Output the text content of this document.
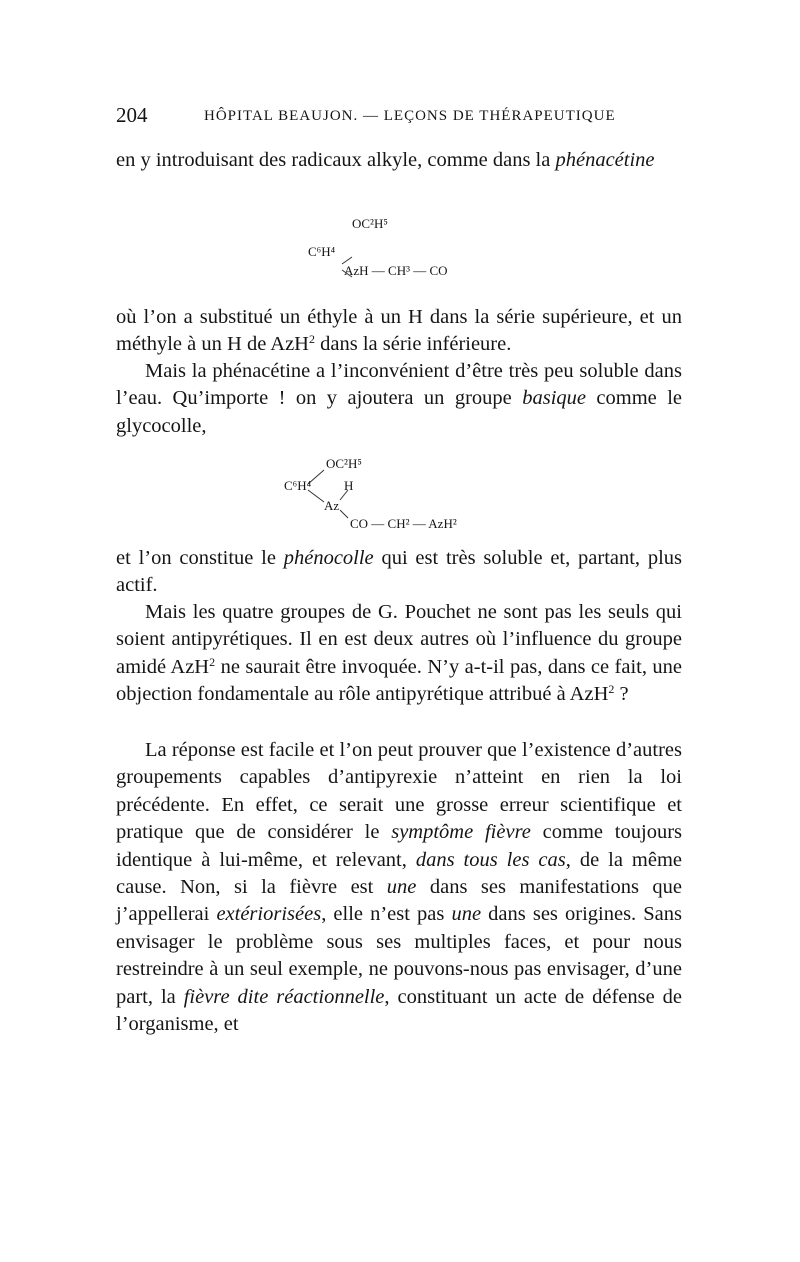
204	HÔPITAL BEAUJON. — LEÇONS DE THÉRAPEUTIQUE

en y introduisant des radicaux alkyle, comme dans la phénacétine

OC²H⁵
C⁶H⁴
AzH — CH³ — CO

où l’on a substitué un éthyle à un H dans la série supérieure, et un méthyle à un H de AzH$^2$ dans la série inférieure.

Mais la phénacétine a l’inconvénient d’être très peu soluble dans l’eau. Qu’importe ! on y ajoutera un groupe basique comme le glycocolle,

OC²H⁵
C⁶H⁴	H
Az
CO — CH² — AzH²

et l’on constitue le phénocolle qui est très soluble et, partant, plus actif.

Mais les quatre groupes de G. Pouchet ne sont pas les seuls qui soient antipyrétiques. Il en est deux autres où l’influence du groupe amidé AzH$^2$ ne saurait être invoquée. N’y a-t-il pas, dans ce fait, une objection fondamentale au rôle antipyrétique attribué à AzH$^2$ ?

La réponse est facile et l’on peut prouver que l’existence d’autres groupements capables d’antipyrexie n’atteint en rien la loi précédente. En effet, ce serait une grosse erreur scientifique et pratique que de considérer le symptôme fièvre comme toujours identique à lui-même, et relevant, dans tous les cas, de la même cause. Non, si la fièvre est une dans ses manifestations que j’appellerai extériorisées, elle n’est pas une dans ses origines. Sans envisager le problème sous ses multiples faces, et pour nous restreindre à un seul exemple, ne pouvons-nous pas envisager, d’une part, la fièvre dite réactionnelle, constituant un acte de défense de l’organisme, et
